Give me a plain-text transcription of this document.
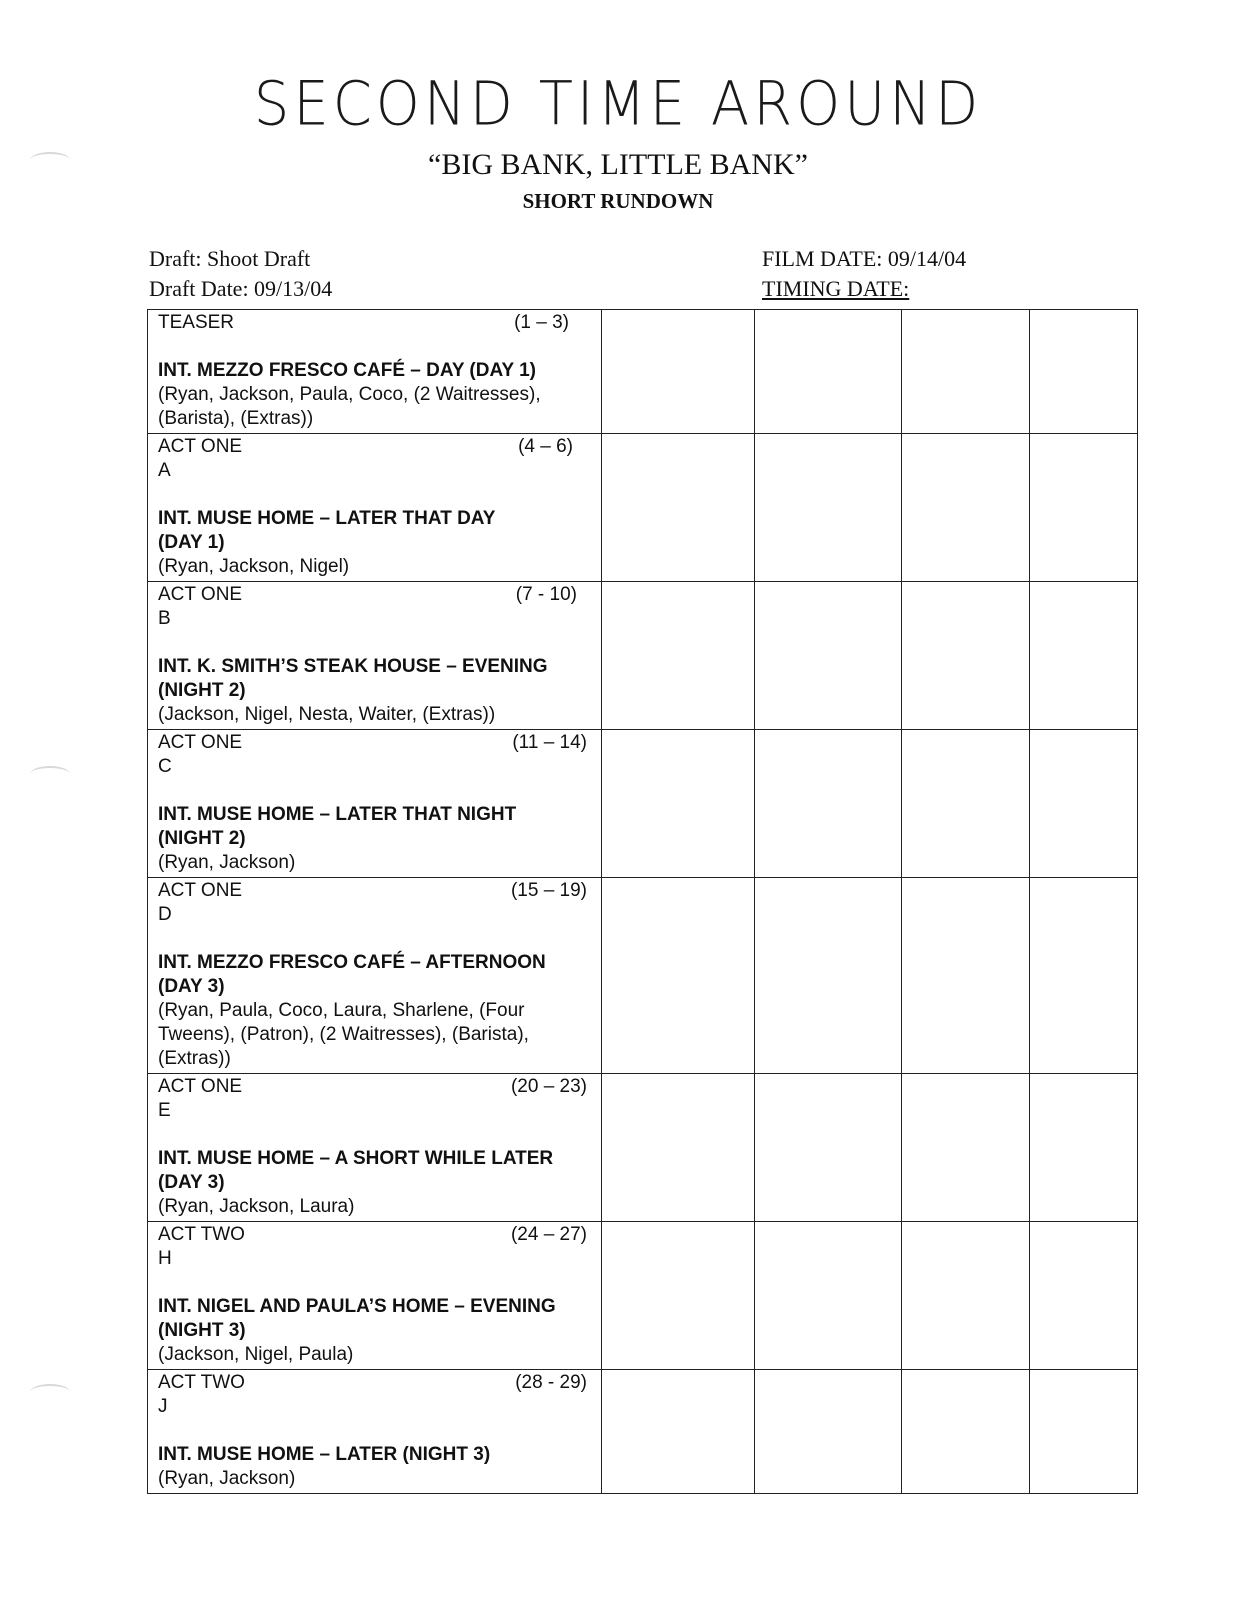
SECOND TIME AROUND
“BIG BANK, LITTLE BANK”
SHORT RUNDOWN
Draft: Shoot Draft
Draft Date: 09/13/04
FILM DATE: 09/14/04
TIMING DATE:
TEASER (1 – 3)
INT. MEZZO FRESCO CAFÉ – DAY (DAY 1)
(Ryan, Jackson, Paula, Coco, (2 Waitresses), (Barista), (Extras))				

ACT ONE (4 – 6)
A
INT. MUSE HOME – LATER THAT DAY (DAY 1)
(Ryan, Jackson, Nigel)				

ACT ONE (7 - 10)
B
INT. K. SMITH’S STEAK HOUSE – EVENING (NIGHT 2)
(Jackson, Nigel, Nesta, Waiter, (Extras))				

ACT ONE (11 – 14)
C
INT. MUSE HOME – LATER THAT NIGHT (NIGHT 2)
(Ryan, Jackson)				

ACT ONE (15 – 19)
D
INT. MEZZO FRESCO CAFÉ – AFTERNOON (DAY 3)
(Ryan, Paula, Coco, Laura, Sharlene, (Four Tweens), (Patron), (2 Waitresses), (Barista), (Extras))				

ACT ONE (20 – 23)
E
INT. MUSE HOME – A SHORT WHILE LATER (DAY 3)
(Ryan, Jackson, Laura)				

ACT TWO (24 – 27)
H
INT. NIGEL AND PAULA’S HOME – EVENING (NIGHT 3)
(Jackson, Nigel, Paula)				

ACT TWO (28 - 29)
J
INT. MUSE HOME – LATER (NIGHT 3)
(Ryan, Jackson)				
